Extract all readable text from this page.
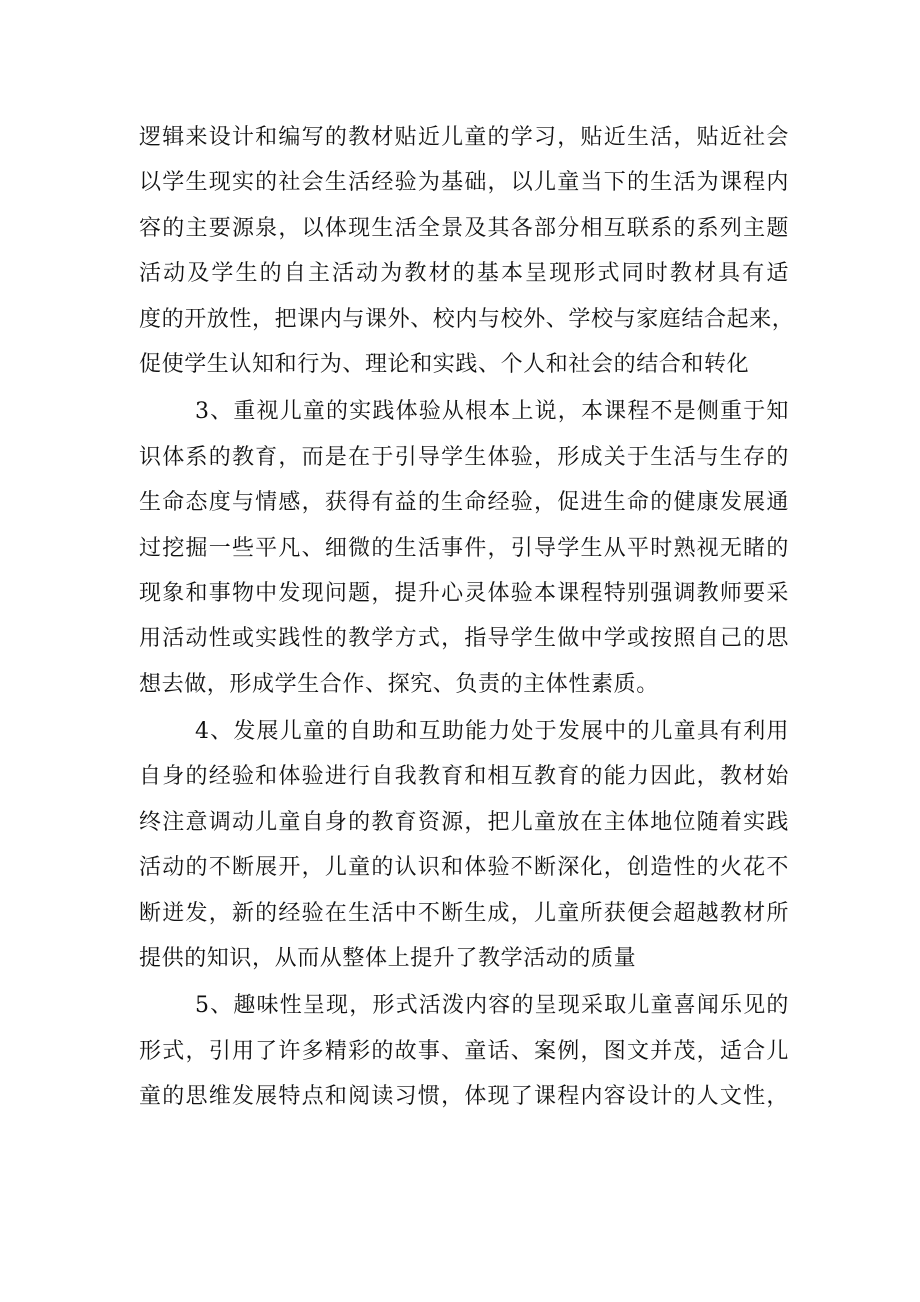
逻辑来设计和编写的教材贴近儿童的学习，贴近生活，贴近社会
以学生现实的社会生活经验为基础，以儿童当下的生活为课程内
容的主要源泉，以体现生活全景及其各部分相互联系的系列主题
活动及学生的自主活动为教材的基本呈现形式同时教材具有适
度的开放性，把课内与课外、校内与校外、学校与家庭结合起来，
促使学生认知和行为、理论和实践、个人和社会的结合和转化
3、重视儿童的实践体验从根本上说，本课程不是侧重于知
识体系的教育，而是在于引导学生体验，形成关于生活与生存的
生命态度与情感，获得有益的生命经验，促进生命的健康发展通
过挖掘一些平凡、细微的生活事件，引导学生从平时熟视无睹的
现象和事物中发现问题，提升心灵体验本课程特别强调教师要采
用活动性或实践性的教学方式，指导学生做中学或按照自己的思
想去做，形成学生合作、探究、负责的主体性素质。
4、发展儿童的自助和互助能力处于发展中的儿童具有利用
自身的经验和体验进行自我教育和相互教育的能力因此，教材始
终注意调动儿童自身的教育资源，把儿童放在主体地位随着实践
活动的不断展开，儿童的认识和体验不断深化，创造性的火花不
断迸发，新的经验在生活中不断生成，儿童所获便会超越教材所
提供的知识，从而从整体上提升了教学活动的质量
5、趣味性呈现，形式活泼内容的呈现采取儿童喜闻乐见的
形式，引用了许多精彩的故事、童话、案例，图文并茂，适合儿
童的思维发展特点和阅读习惯，体现了课程内容设计的人文性，
